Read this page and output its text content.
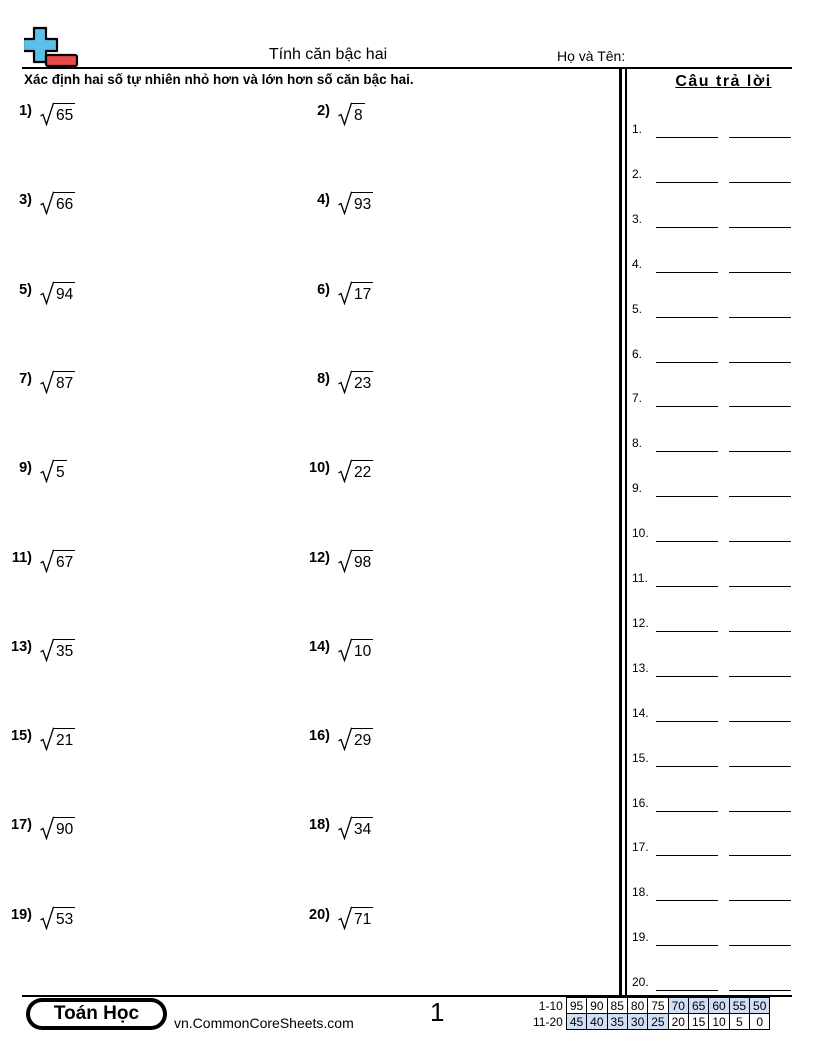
Tính căn bậc hai	Họ và Tên:
Xác định hai số tự nhiên nhỏ hơn và lớn hơn số căn bậc hai.	Câu trả lời
1) 65	2) 8
3) 66	4) 93
5) 94	6) 17
7) 87	8) 23
9) 5	10) 22
11) 67	12) 98
13) 35	14) 10
15) 21	16) 29
17) 90	18) 34
19) 53	20) 71
1.
2.
3.
4.
5.
6.
7.
8.
9.
10.
11.
12.
13.
14.
15.
16.
17.
18.
19.
20.
Toán Học	vn.CommonCoreSheets.com	1	1-10	95	90	85	80	75	70	65	60	55	50
11-20	45	40	35	30	25	20	15	10	5	0
